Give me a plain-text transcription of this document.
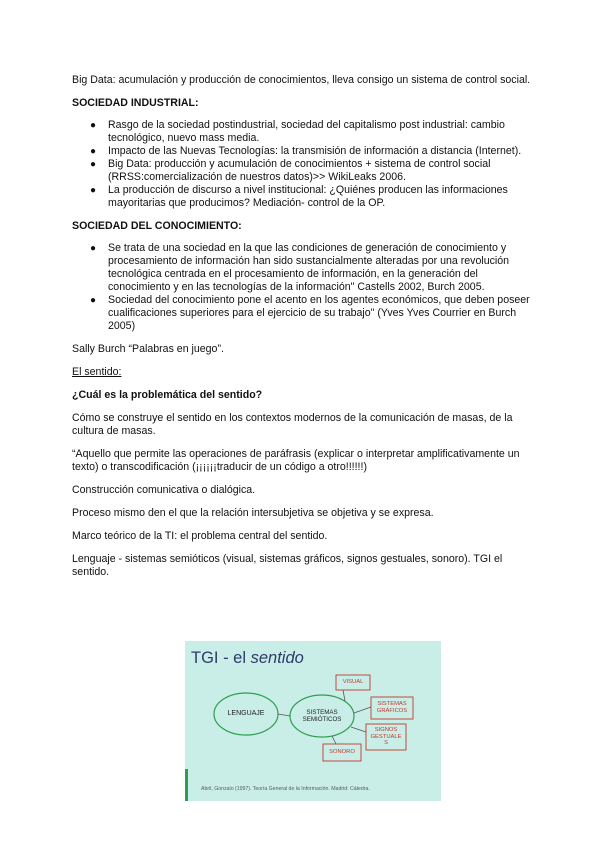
Big Data: acumulación y producción de conocimientos, lleva consigo un sistema de control social.

SOCIEDAD INDUSTRIAL:

● Rasgo de la sociedad postindustrial, sociedad del capitalismo post industrial: cambio tecnológico, nuevo mass media.
● Impacto de las Nuevas Tecnologías: la transmisión de información a distancia (Internet).
● Big Data: producción y acumulación de conocimientos + sistema de control social (RRSS:comercialización de nuestros datos)>> WikiLeaks 2006.
● La producción de discurso a nivel institucional: ¿Quiénes producen las informaciones mayoritarias que producimos? Mediación- control de la OP.

SOCIEDAD DEL CONOCIMIENTO:

● Se trata de una sociedad en la que las condiciones de generación de conocimiento y procesamiento de información han sido sustancialmente alteradas por una revolución tecnológica centrada en el procesamiento de información, en la generación del conocimiento y en las tecnologías de la información" Castells 2002, Burch 2005.
● Sociedad del conocimiento pone el acento en los agentes económicos, que deben poseer cualificaciones superiores para el ejercicio de su trabajo" (Yves Yves Courrier en Burch 2005)

Sally Burch “Palabras en juego”.

El sentido:

¿Cuál es la problemática del sentido?

Cómo se construye el sentido en los contextos modernos de la comunicación de masas, de la cultura de masas.

“Aquello que permite las operaciones de paráfrasis (explicar o interpretar amplificativamente un texto) o transcodificación (¡¡¡¡¡¡traducir de un código a otro!!!!!!)

Construcción comunicativa o dialógica.

Proceso mismo den el que la relación intersubjetiva se objetiva y se expresa.

Marco teórico de la TI: el problema central del sentido.

Lenguaje - sistemas semióticos (visual, sistemas gráficos, signos gestuales, sonoro). TGI el sentido.

TGI - el sentido
LENGUAJE	SISTEMAS SEMIÓTICOS
VISUAL
SISTEMAS GRÁFICOS
SIGNOS GESTUALE S
SONORO
Abril, Gonzalo (1997). Teoría General de la Información. Madrid: Cátedra.
